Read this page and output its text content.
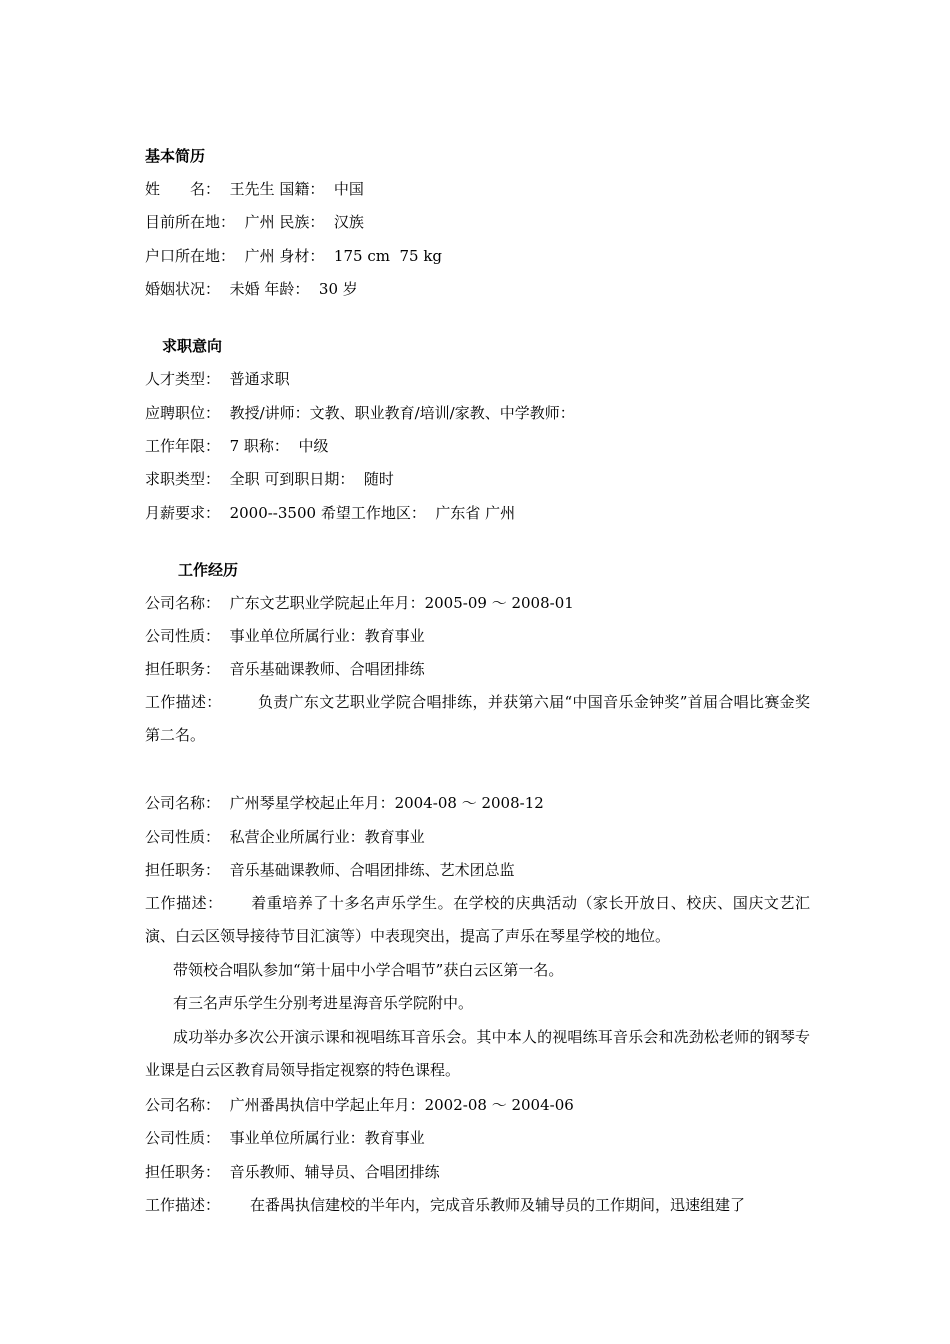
基本简历
姓　　名： 王先生 国籍： 中国
目前所在地： 广州 民族： 汉族
户口所在地： 广州 身材： 175 cm  75 kg
婚姻状况： 未婚 年龄： 30 岁
求职意向
人才类型： 普通求职
应聘职位： 教授/讲师：文教、职业教育/培训/家教、中学教师：
工作年限： 7 职称： 中级
求职类型： 全职 可到职日期： 随时
月薪要求： 2000--3500 希望工作地区： 广东省 广州
工作经历
公司名称： 广东文艺职业学院起止年月：2005-09 ～ 2008-01
公司性质： 事业单位所属行业：教育事业
担任职务： 音乐基础课教师、合唱团排练
工作描述： 负责广东文艺职业学院合唱排练，并获第六届“中国音乐金钟奖”首届合唱比赛金奖第二名。
公司名称： 广州琴星学校起止年月：2004-08 ～ 2008-12
公司性质： 私营企业所属行业：教育事业
担任职务： 音乐基础课教师、合唱团排练、艺术团总监
工作描述： 着重培养了十多名声乐学生。在学校的庆典活动（家长开放日、校庆、国庆文艺汇演、白云区领导接待节目汇演等）中表现突出，提高了声乐在琴星学校的地位。
带领校合唱队参加“第十届中小学合唱节”获白云区第一名。
有三名声乐学生分别考进星海音乐学院附中。
成功举办多次公开演示课和视唱练耳音乐会。其中本人的视唱练耳音乐会和冼劲松老师的钢琴专业课是白云区教育局领导指定视察的特色课程。
公司名称： 广州番禺执信中学起止年月：2002-08 ～ 2004-06
公司性质： 事业单位所属行业：教育事业
担任职务： 音乐教师、辅导员、合唱团排练
工作描述： 在番禺执信建校的半年内，完成音乐教师及辅导员的工作期间，迅速组建了
